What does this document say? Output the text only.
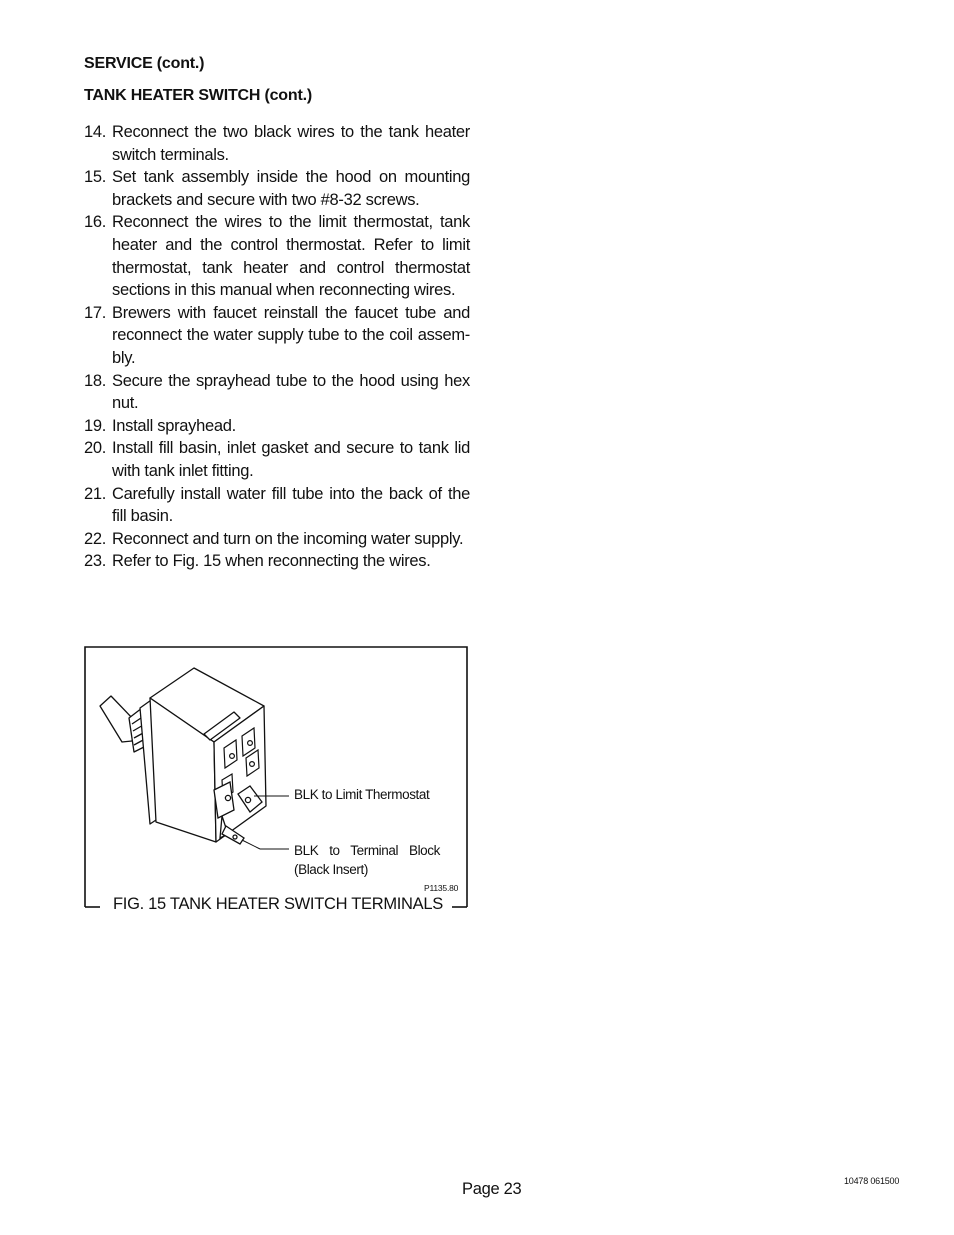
SERVICE (cont.)
TANK HEATER SWITCH (cont.)
14. Reconnect the two black wires to the tank heater switch terminals.
15. Set tank assembly inside the hood on mounting brackets and secure with two #8-32 screws.
16. Reconnect the wires to the limit thermostat, tank heater and the control thermostat. Refer to limit thermostat, tank heater and control thermostat sections in this manual when reconnecting wires.
17. Brewers with faucet reinstall the faucet tube and reconnect the water supply tube to the coil assem-bly.
18. Secure the sprayhead tube to the hood using hex nut.
19. Install sprayhead.
20. Install fill basin, inlet gasket and secure to tank lid with tank inlet fitting.
21. Carefully install water fill tube into the back of the fill basin.
22. Reconnect and turn on the incoming water supply.
23. Refer to Fig. 15 when reconnecting the wires.
BLK to Limit Thermostat
BLK to Terminal Block
(Black Insert)
P1135.80
FIG. 15 TANK HEATER SWITCH TERMINALS
Page 23	10478 061500
